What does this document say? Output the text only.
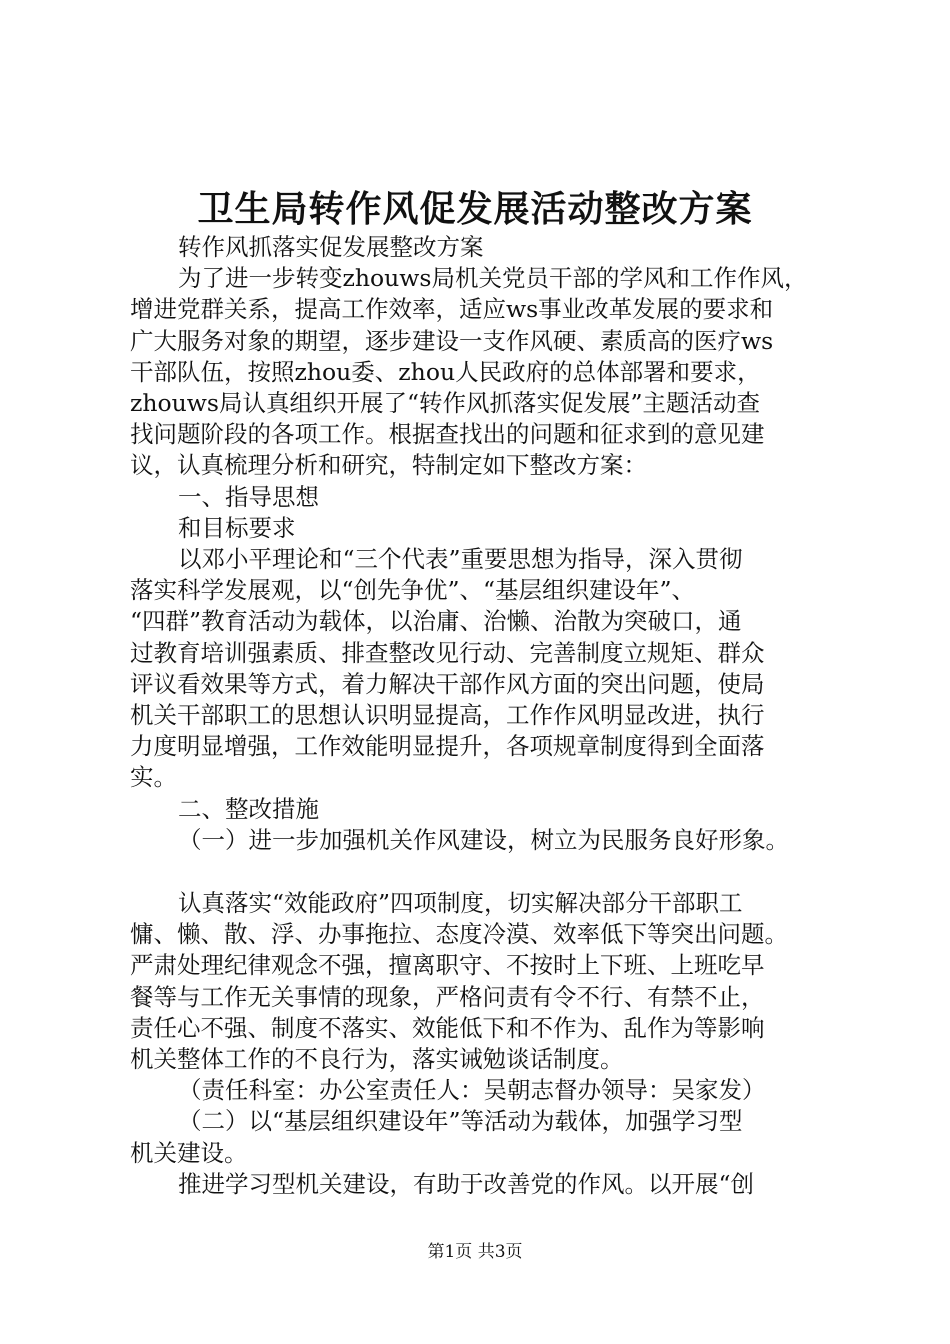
卫生局转作风促发展活动整改方案
转作风抓落实促发展整改方案
为了进一步转变zhouws局机关党员干部的学风和工作作风，
增进党群关系，提高工作效率，适应ws事业改革发展的要求和
广大服务对象的期望，逐步建设一支作风硬、素质高的医疗ws
干部队伍，按照zhou委、zhou人民政府的总体部署和要求，
zhouws局认真组织开展了“转作风抓落实促发展”主题活动查
找问题阶段的各项工作。根据查找出的问题和征求到的意见建
议，认真梳理分析和研究，特制定如下整改方案：
一、指导思想
和目标要求
以邓小平理论和“三个代表”重要思想为指导，深入贯彻
落实科学发展观，以“创先争优”、“基层组织建设年”、
“四群”教育活动为载体，以治庸、治懒、治散为突破口，通
过教育培训强素质、排查整改见行动、完善制度立规矩、群众
评议看效果等方式，着力解决干部作风方面的突出问题，使局
机关干部职工的思想认识明显提高，工作作风明显改进，执行
力度明显增强，工作效能明显提升，各项规章制度得到全面落
实。
二、整改措施
（一）进一步加强机关作风建设，树立为民服务良好形象。
认真落实“效能政府”四项制度，切实解决部分干部职工
慵、懒、散、浮、办事拖拉、态度冷漠、效率低下等突出问题。
严肃处理纪律观念不强，擅离职守、不按时上下班、上班吃早
餐等与工作无关事情的现象，严格问责有令不行、有禁不止，
责任心不强、制度不落实、效能低下和不作为、乱作为等影响
机关整体工作的不良行为，落实诫勉谈话制度。
（责任科室：办公室责任人：吴朝志督办领导：吴家发）
（二）以“基层组织建设年”等活动为载体，加强学习型
机关建设。
推进学习型机关建设，有助于改善党的作风。以开展“创
第1页 共3页
